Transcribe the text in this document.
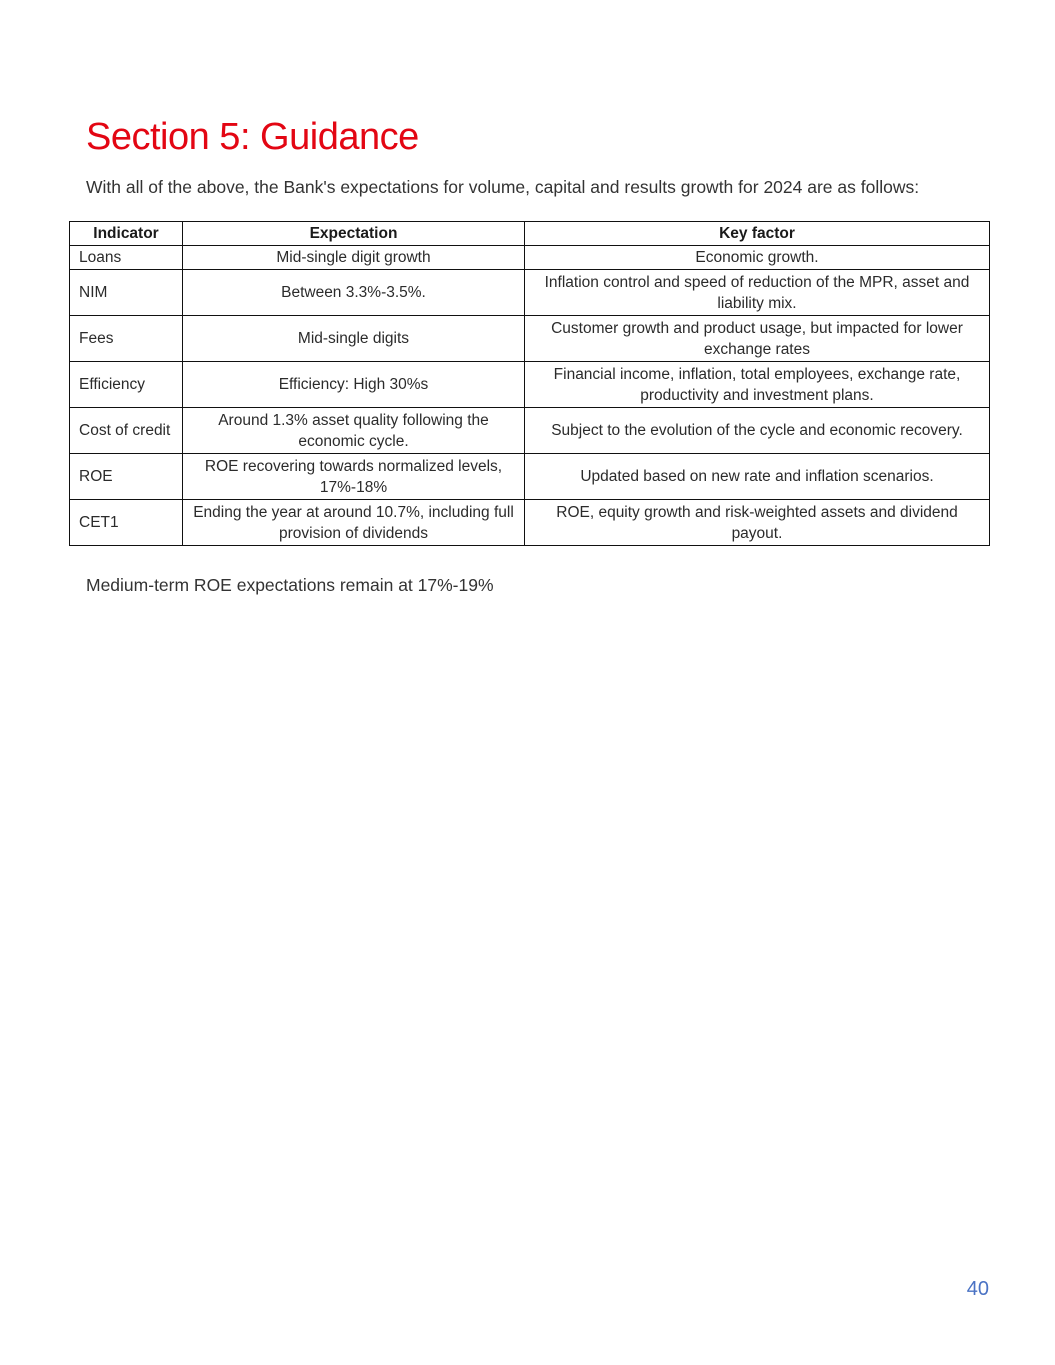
Section 5: Guidance

With all of the above, the Bank's expectations for volume, capital and results growth for 2024 are as follows:

Indicator	Expectation	Key factor
Loans	Mid-single digit growth	Economic growth.
NIM	Between 3.3%-3.5%.	Inflation control and speed of reduction of the MPR, asset and liability mix.
Fees	Mid-single digits	Customer growth and product usage, but impacted for lower exchange rates
Efficiency	Efficiency: High 30%s	Financial income, inflation, total employees, exchange rate, productivity and investment plans.
Cost of credit	Around 1.3% asset quality following the economic cycle.	Subject to the evolution of the cycle and economic recovery.
ROE	ROE recovering towards normalized levels, 17%-18%	Updated based on new rate and inflation scenarios.
CET1	Ending the year at around 10.7%, including full provision of dividends	ROE, equity growth and risk-weighted assets and dividend payout.

Medium-term ROE expectations remain at 17%-19%

40
